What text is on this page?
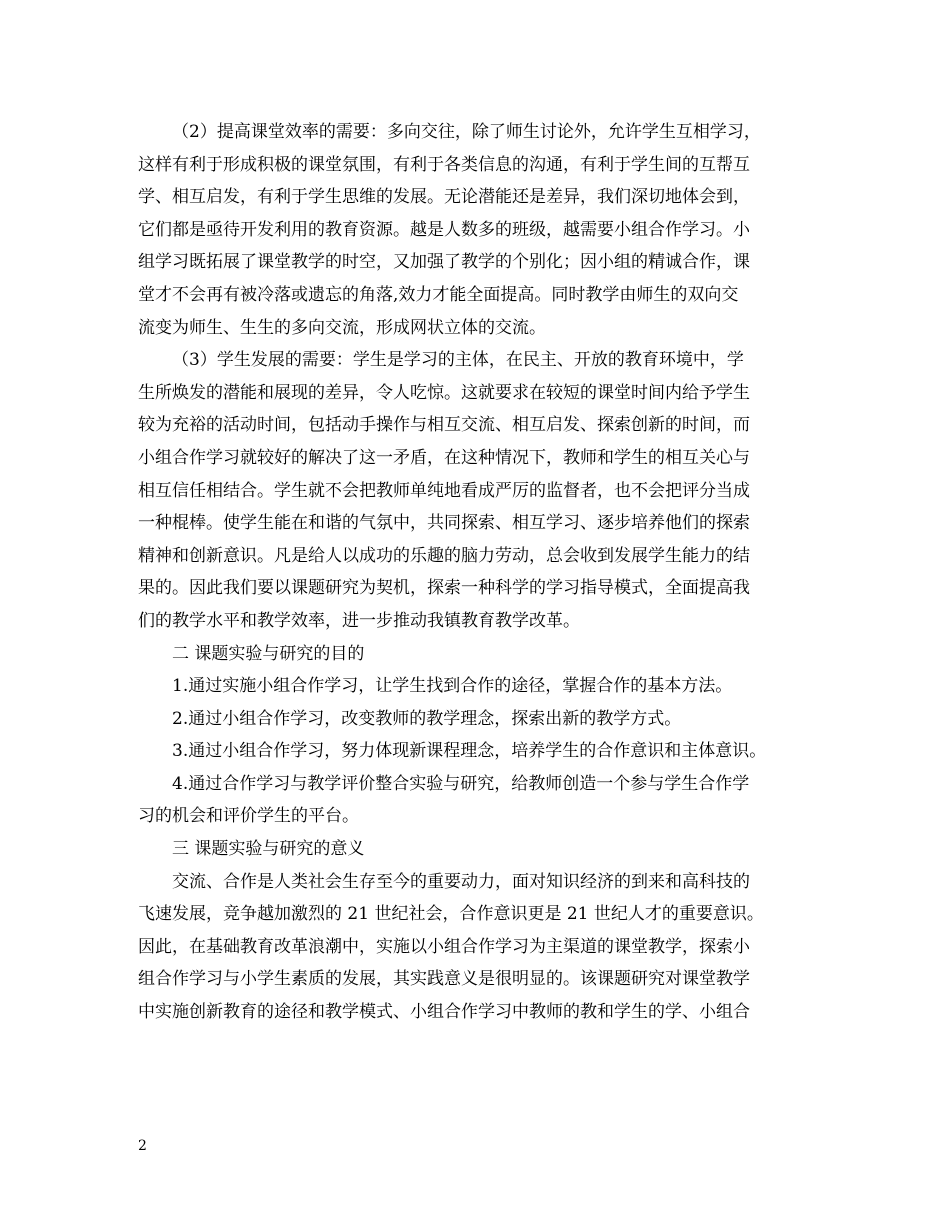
（2）提高课堂效率的需要：多向交往，除了师生讨论外，允许学生互相学习，
这样有利于形成积极的课堂氛围，有利于各类信息的沟通，有利于学生间的互帮互
学、相互启发，有利于学生思维的发展。无论潜能还是差异，我们深切地体会到，
它们都是亟待开发利用的教育资源。越是人数多的班级，越需要小组合作学习。小
组学习既拓展了课堂教学的时空，又加强了教学的个别化；因小组的精诚合作，课
堂才不会再有被冷落或遗忘的角落,效力才能全面提高。同时教学由师生的双向交
流变为师生、生生的多向交流，形成网状立体的交流。
（3）学生发展的需要：学生是学习的主体，在民主、开放的教育环境中，学
生所焕发的潜能和展现的差异，令人吃惊。这就要求在较短的课堂时间内给予学生
较为充裕的活动时间，包括动手操作与相互交流、相互启发、探索创新的时间，而
小组合作学习就较好的解决了这一矛盾，在这种情况下，教师和学生的相互关心与
相互信任相结合。学生就不会把教师单纯地看成严厉的监督者，也不会把评分当成
一种棍棒。使学生能在和谐的气氛中，共同探索、相互学习、逐步培养他们的探索
精神和创新意识。凡是给人以成功的乐趣的脑力劳动，总会收到发展学生能力的结
果的。因此我们要以课题研究为契机，探索一种科学的学习指导模式，全面提高我
们的教学水平和教学效率，进一步推动我镇教育教学改革。
二 课题实验与研究的目的
1.通过实施小组合作学习，让学生找到合作的途径，掌握合作的基本方法。
2.通过小组合作学习，改变教师的教学理念，探索出新的教学方式。
3.通过小组合作学习，努力体现新课程理念，培养学生的合作意识和主体意识。
4.通过合作学习与教学评价整合实验与研究，给教师创造一个参与学生合作学
习的机会和评价学生的平台。
三 课题实验与研究的意义
交流、合作是人类社会生存至今的重要动力，面对知识经济的到来和高科技的
飞速发展，竞争越加激烈的 21 世纪社会，合作意识更是 21 世纪人才的重要意识。
因此，在基础教育改革浪潮中，实施以小组合作学习为主渠道的课堂教学，探索小
组合作学习与小学生素质的发展，其实践意义是很明显的。该课题研究对课堂教学
中实施创新教育的途径和教学模式、小组合作学习中教师的教和学生的学、小组合
2
